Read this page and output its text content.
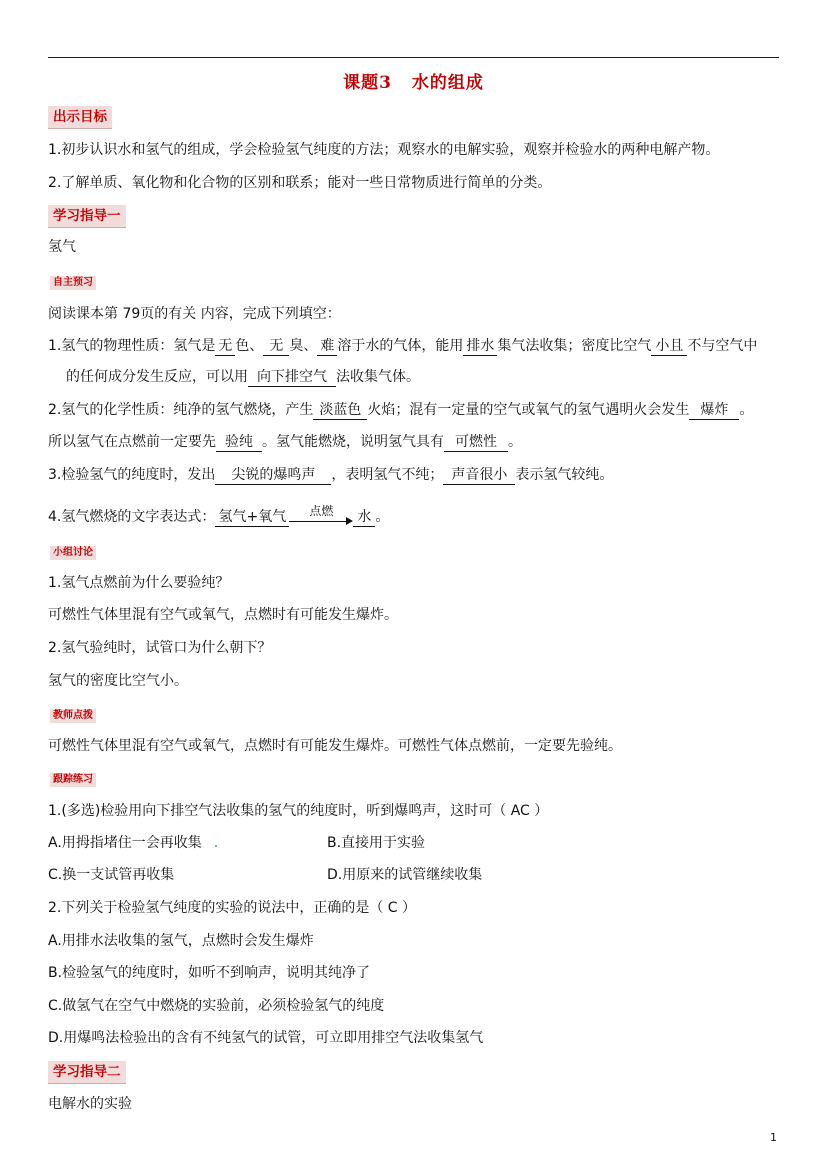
课题3 水的组成
出示目标
1.初步认识水和氢气的组成，学会检验氢气纯度的方法；观察水的电解实验，观察并检验水的两种电解产物。
2.了解单质、氧化物和化合物的区别和联系；能对一些日常物质进行简单的分类。
学习指导一
氢气
自主预习
阅读课本第 79页的有关 内容，完成下列填空：
1.氢气的物理性质：氢气是 无 色、 无 臭、 难 溶于水的气体，能用 排水 集气法收集；密度比空气 小且 不与空气中
的任何成分发生反应，可以用 向下排空气 法收集气体。
2.氢气的化学性质：纯净的氢气燃烧，产生 淡蓝色 火焰；混有一定量的空气或氧气的氢气遇明火会发生 爆炸 。
所以氢气在点燃前一定要先 验纯 。氢气能燃烧，说明氢气具有 可燃性 。
3.检验氢气的纯度时，发出 尖锐的爆鸣声 ，表明氢气不纯； 声音很小 表示氢气较纯。
4.氢气燃烧的文字表达式： 氢气+氧气	点燃	水 。
小组讨论
1.氢气点燃前为什么要验纯？
可燃性气体里混有空气或氧气，点燃时有可能发生爆炸。
2.氢气验纯时，试管口为什么朝下？
氢气的密度比空气小。
教师点拨
可燃性气体里混有空气或氧气，点燃时有可能发生爆炸。可燃性气体点燃前，一定要先验纯。
跟踪练习
1.(多选)检验用向下排空气法收集的氢气的纯度时，听到爆鸣声，这时可（ AC ）
A.用拇指堵住一会再收集 .	B.直接用于实验
C.换一支试管再收集	D.用原来的试管继续收集
2.下列关于检验氢气纯度的实验的说法中，正确的是（ C ）
A.用排水法收集的氢气，点燃时会发生爆炸
B.检验氢气的纯度时，如听不到响声，说明其纯净了
C.做氢气在空气中燃烧的实验前，必须检验氢气的纯度
D.用爆鸣法检验出的含有不纯氢气的试管，可立即用排空气法收集氢气
学习指导二
电解水的实验
1
